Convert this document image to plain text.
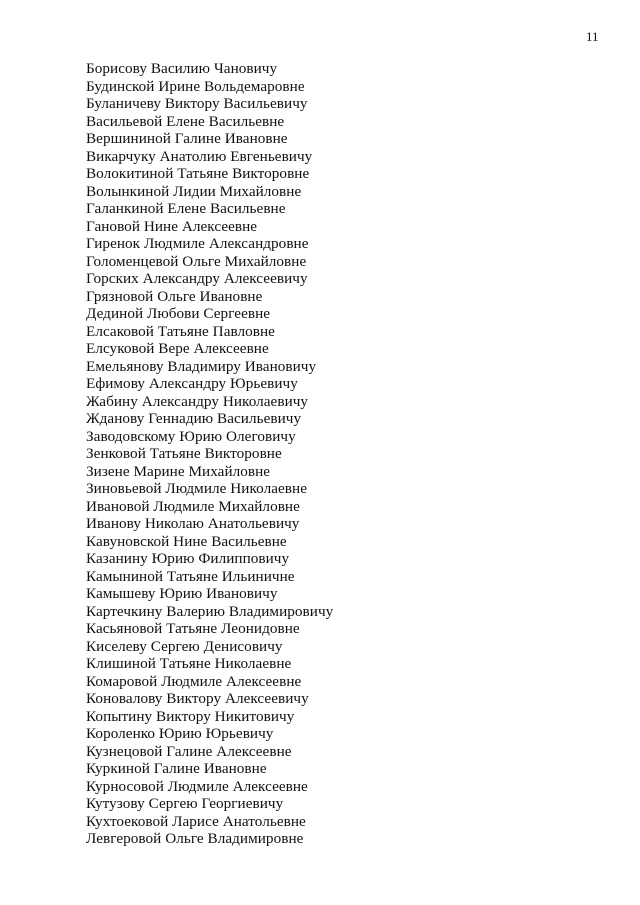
11
Борисову Василию Чановичу
Будинской Ирине Вольдемаровне
Буланичеву Виктору Васильевичу
Васильевой Елене Васильевне
Вершининой Галине Ивановне
Викарчуку Анатолию Евгеньевичу
Волокитиной Татьяне Викторовне
Волынкиной Лидии Михайловне
Галанкиной Елене Васильевне
Гановой Нине Алексеевне
Гиренок Людмиле Александровне
Голоменцевой Ольге Михайловне
Горских Александру Алексеевичу
Грязновой Ольге Ивановне
Дединой Любови Сергеевне
Елсаковой Татьяне Павловне
Елсуковой Вере Алексеевне
Емельянову Владимиру Ивановичу
Ефимову Александру Юрьевичу
Жабину Александру Николаевичу
Жданову Геннадию Васильевичу
Заводовскому Юрию Олеговичу
Зенковой Татьяне Викторовне
Зизене Марине Михайловне
Зиновьевой Людмиле Николаевне
Ивановой Людмиле Михайловне
Иванову Николаю Анатольевичу
Кавуновской Нине Васильевне
Казанину Юрию Филипповичу
Камыниной Татьяне Ильиничне
Камышеву Юрию Ивановичу
Картечкину Валерию Владимировичу
Касьяновой Татьяне Леонидовне
Киселеву Сергею Денисовичу
Клишиной Татьяне Николаевне
Комаровой Людмиле Алексеевне
Коновалову Виктору Алексеевичу
Копытину Виктору Никитовичу
Короленко Юрию Юрьевичу
Кузнецовой Галине Алексеевне
Куркиной Галине Ивановне
Курносовой Людмиле Алексеевне
Кутузову Сергею Георгиевичу
Кухтоековой Ларисе Анатольевне
Левгеровой Ольге Владимировне
